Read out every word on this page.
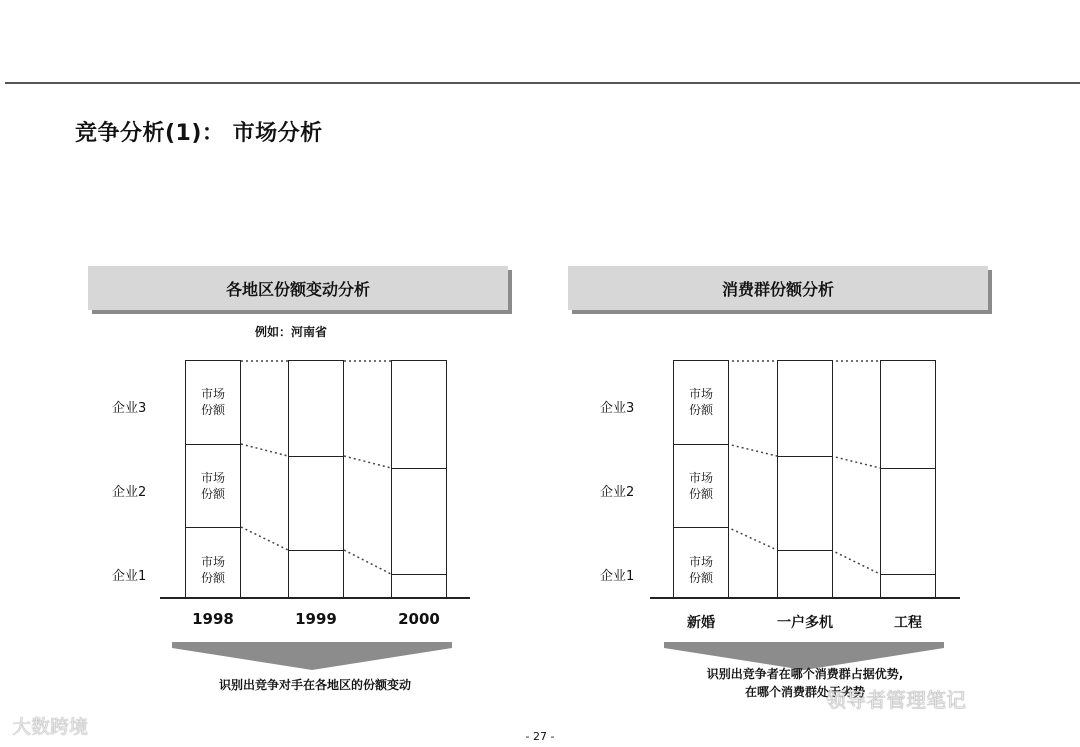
竞争分析(1)： 市场分析
各地区份额变动分析
例如：河南省
企业3
企业2
企业1
市场
份额
市场
份额
市场
份额
1998	1999	2000
识别出竞争对手在各地区的份额变动
消费群份额分析
企业3
企业2
企业1
市场
份额
市场
份额
市场
份额
新婚	一户多机	工程
识别出竞争者在哪个消费群占据优势,
在哪个消费群处于劣势
- 27 -
大数跨境
领导者管理笔记
